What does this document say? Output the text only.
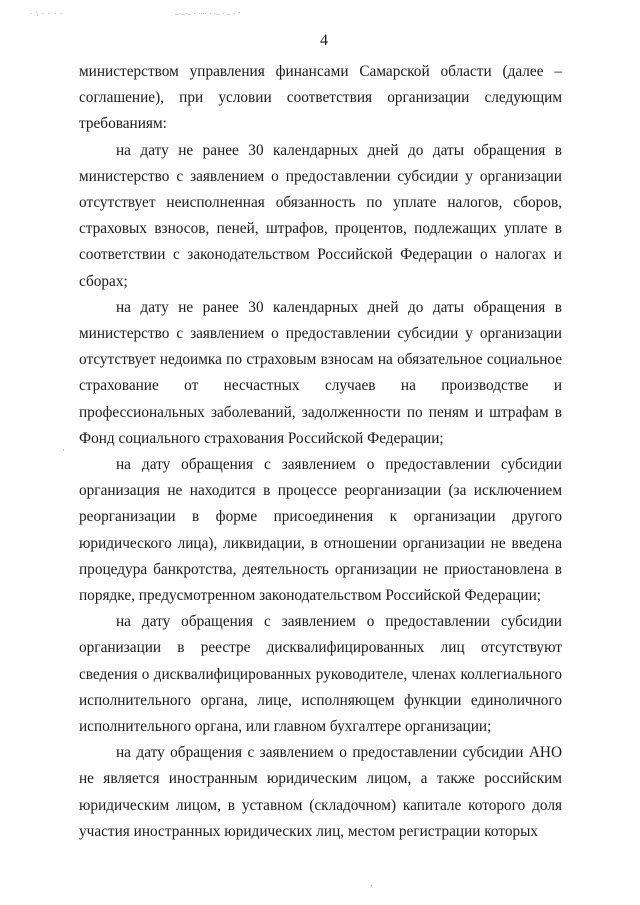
· \ · · · ·	_._._ . .... . ._ . _ , -
4

министерством управления финансами Самарской области (далее – соглашение), при условии соответствия организации следующим требованиям:

на дату не ранее 30 календарных дней до даты обращения в министерство с заявлением о предоставлении субсидии у организации отсутствует неисполненная обязанность по уплате налогов, сборов, страховых взносов, пеней, штрафов, процентов, подлежащих уплате в соответствии с законодательством Российской Федерации о налогах и сборах;

на дату не ранее 30 календарных дней до даты обращения в министерство с заявлением о предоставлении субсидии у организации отсутствует недоимка по страховым взносам на обязательное социальное страхование от несчастных случаев на производстве и профессиональных заболеваний, задолженности по пеням и штрафам в Фонд социального страхования Российской Федерации;

на дату обращения с заявлением о предоставлении субсидии организация не находится в процессе реорганизации (за исключением реорганизации в форме присоединения к организации другого юридического лица), ликвидации, в отношении организации не введена процедура банкротства, деятельность организации не приостановлена в порядке, предусмотренном законодательством Российской Федерации;

на дату обращения с заявлением о предоставлении субсидии организации в реестре дисквалифицированных лиц отсутствуют сведения о дисквалифицированных руководителе, членах коллегиального исполнительного органа, лице, исполняющем функции единоличного исполнительного органа, или главном бухгалтере организации;

на дату обращения с заявлением о предоставлении субсидии АНО не является иностранным юридическим лицом, а также российским юридическим лицом, в уставном (складочном) капитале которого доля участия иностранных юридических лиц, местом регистрации которых

·
,
